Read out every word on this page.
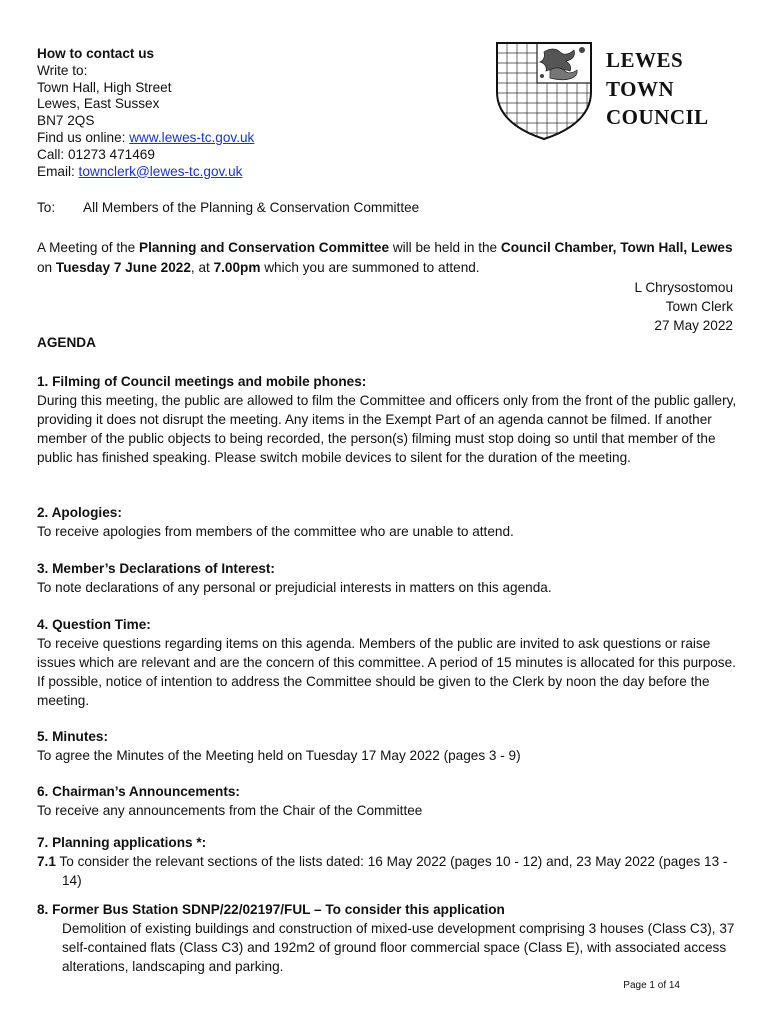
How to contact us
Write to:
Town Hall, High Street
Lewes, East Sussex
BN7 2QS
Find us online: www.lewes-tc.gov.uk
Call: 01273 471469
Email: townclerk@lewes-tc.gov.uk
LEWES
TOWN
COUNCIL
To: All Members of the Planning & Conservation Committee
A Meeting of the Planning and Conservation Committee will be held in the Council Chamber, Town Hall, Lewes on Tuesday 7 June 2022, at 7.00pm which you are summoned to attend.
L Chrysostomou
Town Clerk
27 May 2022
AGENDA
1. Filming of Council meetings and mobile phones:
During this meeting, the public are allowed to film the Committee and officers only from the front of the public gallery, providing it does not disrupt the meeting. Any items in the Exempt Part of an agenda cannot be filmed. If another member of the public objects to being recorded, the person(s) filming must stop doing so until that member of the public has finished speaking. Please switch mobile devices to silent for the duration of the meeting.
2. Apologies:
To receive apologies from members of the committee who are unable to attend.
3. Member’s Declarations of Interest:
To note declarations of any personal or prejudicial interests in matters on this agenda.
4. Question Time:
To receive questions regarding items on this agenda. Members of the public are invited to ask questions or raise issues which are relevant and are the concern of this committee. A period of 15 minutes is allocated for this purpose. If possible, notice of intention to address the Committee should be given to the Clerk by noon the day before the meeting.
5. Minutes:
To agree the Minutes of the Meeting held on Tuesday 17 May 2022 (pages 3 - 9)
6. Chairman’s Announcements:
To receive any announcements from the Chair of the Committee
7. Planning applications *:
7.1 To consider the relevant sections of the lists dated: 16 May 2022 (pages 10 - 12) and, 23 May 2022 (pages 13 - 14)
8. Former Bus Station SDNP/22/02197/FUL – To consider this application
Demolition of existing buildings and construction of mixed-use development comprising 3 houses (Class C3), 37 self-contained flats (Class C3) and 192m2 of ground floor commercial space (Class E), with associated access alterations, landscaping and parking.
Page 1 of 14
